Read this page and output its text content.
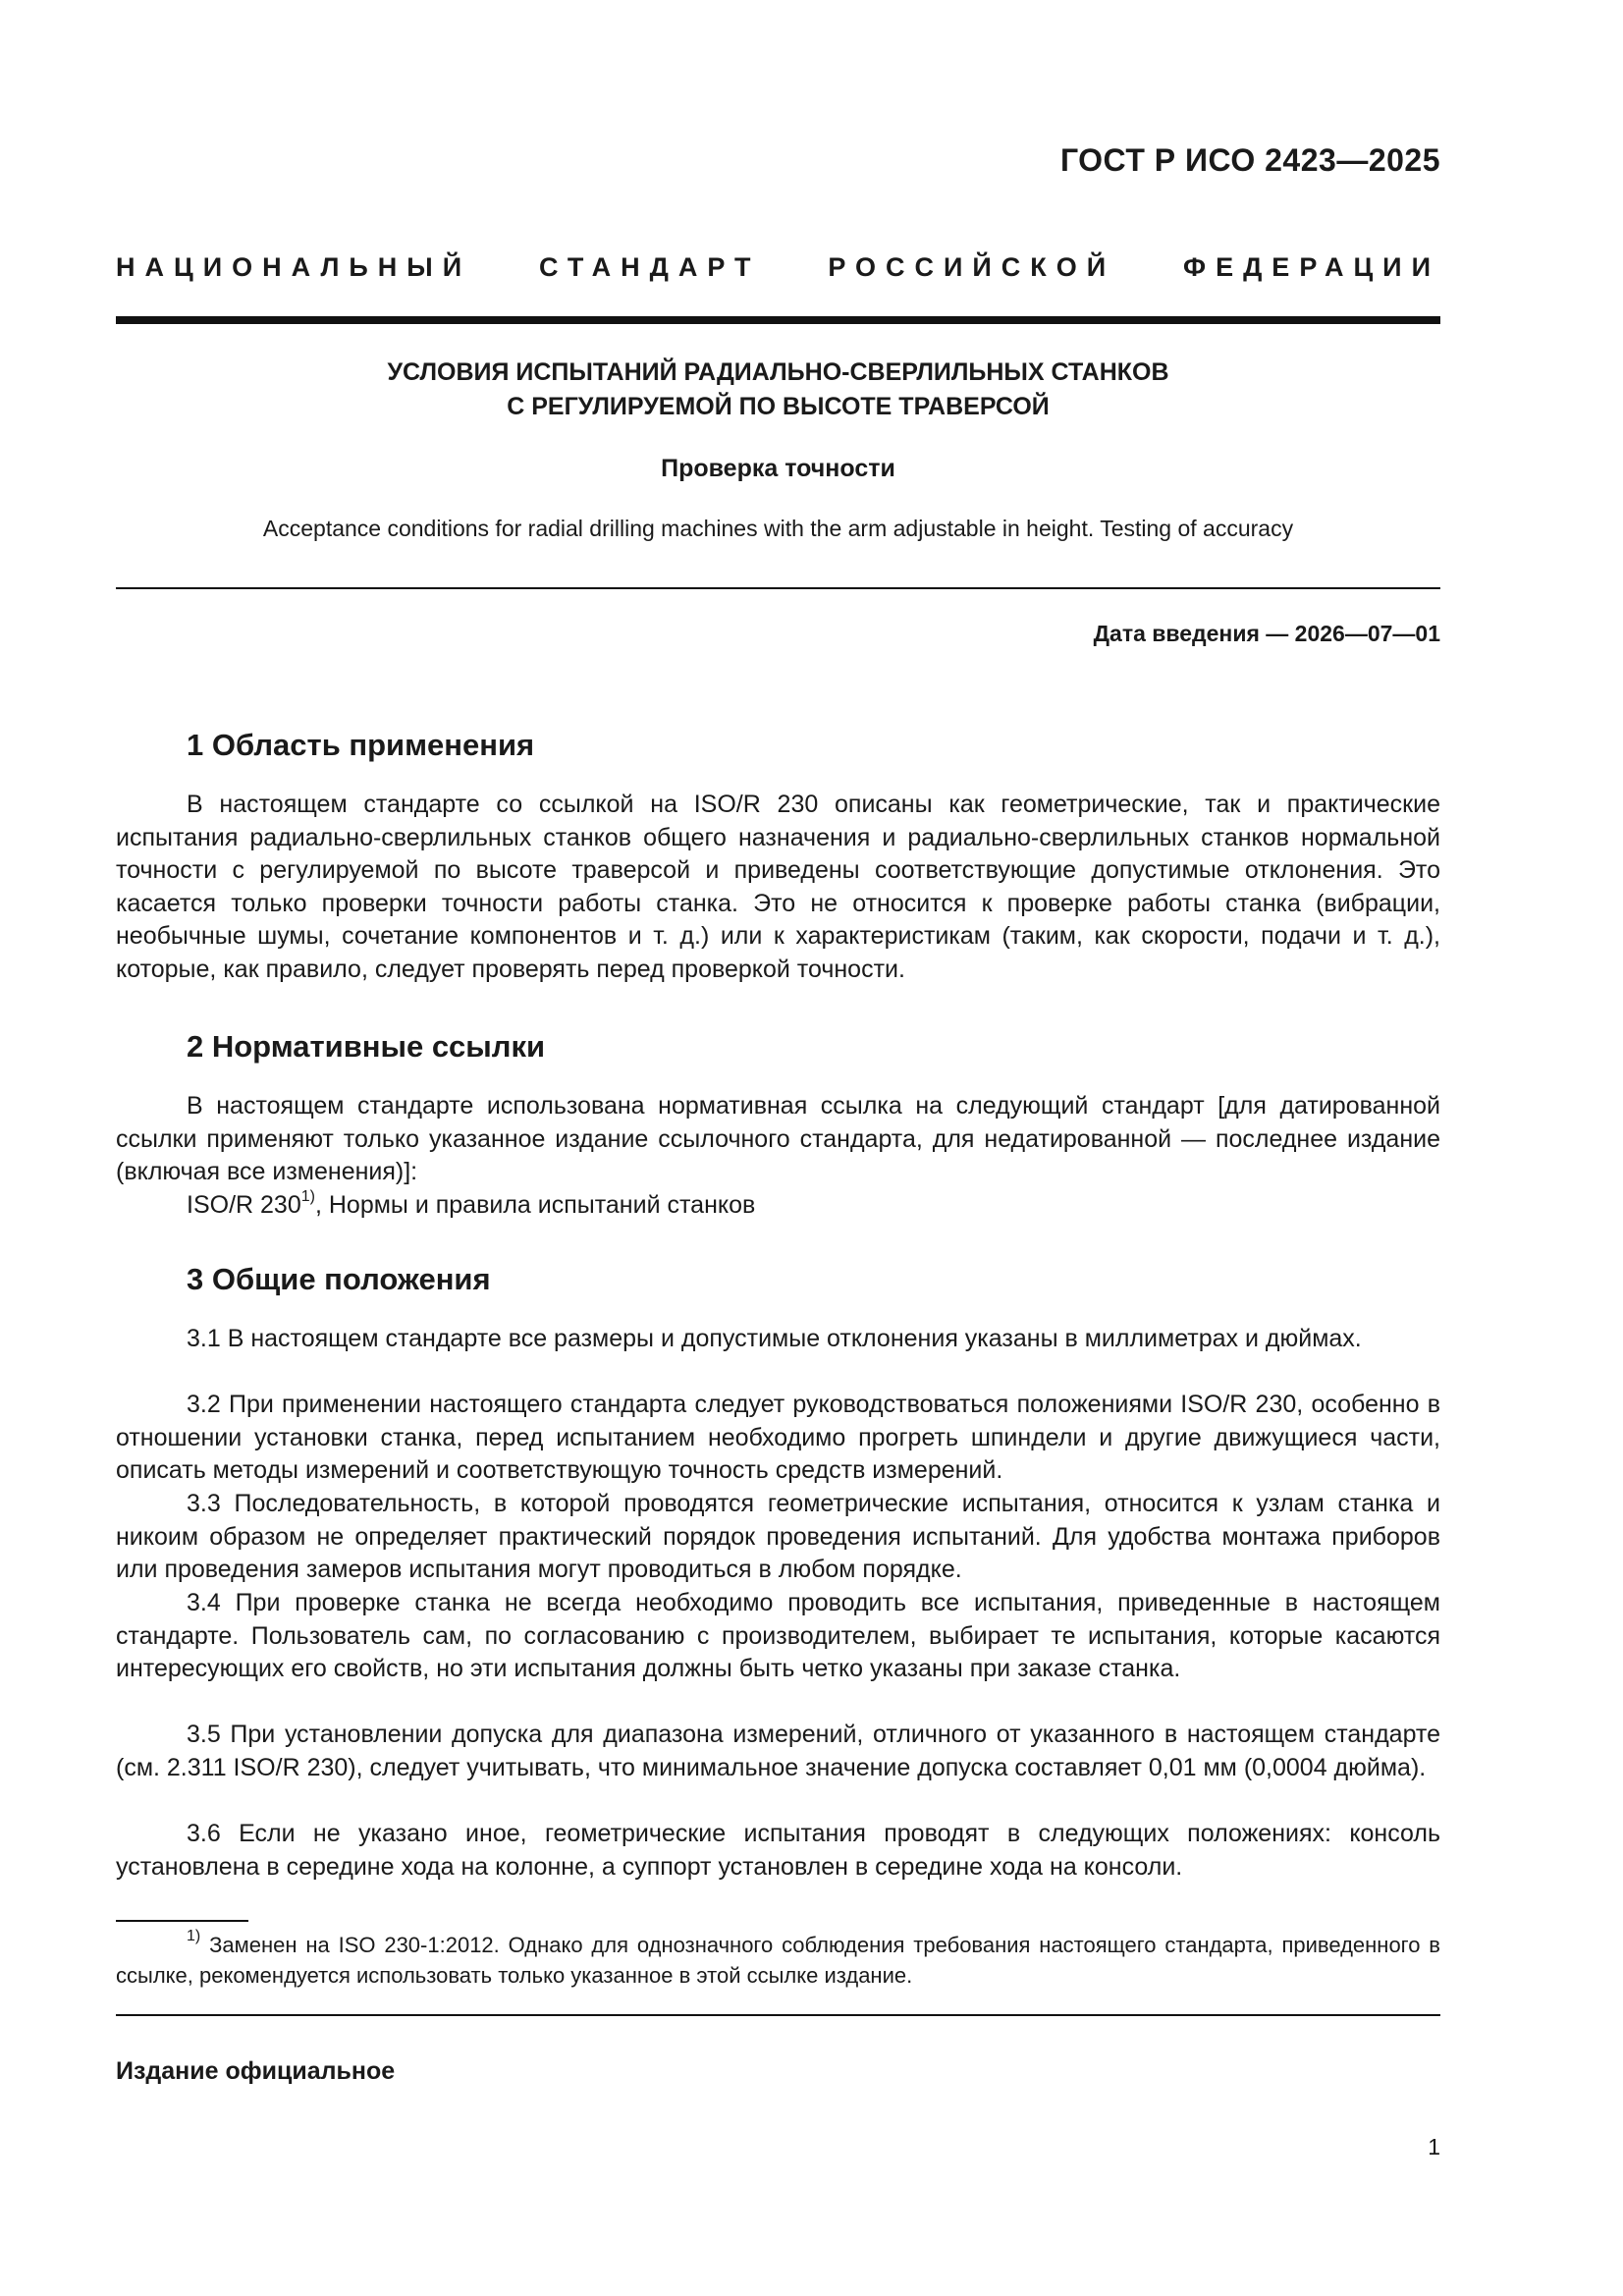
ГОСТ Р ИСО 2423—2025
НАЦИОНАЛЬНЫЙ СТАНДАРТ РОССИЙСКОЙ ФЕДЕРАЦИИ
УСЛОВИЯ ИСПЫТАНИЙ РАДИАЛЬНО-СВЕРЛИЛЬНЫХ СТАНКОВ
С РЕГУЛИРУЕМОЙ ПО ВЫСОТЕ ТРАВЕРСОЙ
Проверка точности
Acceptance conditions for radial drilling machines with the arm adjustable in height. Testing of accuracy
Дата введения — 2026—07—01
1 Область применения

В настоящем стандарте со ссылкой на ISO/R 230 описаны как геометрические, так и практические испытания радиально-сверлильных станков общего назначения и радиально-сверлильных станков нормальной точности с регулируемой по высоте траверсой и приведены соответствующие допустимые отклонения. Это касается только проверки точности работы станка. Это не относится к проверке работы станка (вибрации, необычные шумы, сочетание компонентов и т. д.) или к характеристикам (таким, как скорости, подачи и т. д.), которые, как правило, следует проверять перед проверкой точности.

2 Нормативные ссылки

В настоящем стандарте использована нормативная ссылка на следующий стандарт [для датированной ссылки применяют только указанное издание ссылочного стандарта, для недатированной — последнее издание (включая все изменения)]:

ISO/R 230$^{1)}$, Нормы и правила испытаний станков

3 Общие положения

3.1 В настоящем стандарте все размеры и допустимые отклонения указаны в миллиметрах и дюймах.

3.2 При применении настоящего стандарта следует руководствоваться положениями ISO/R 230, особенно в отношении установки станка, перед испытанием необходимо прогреть шпиндели и другие движущиеся части, описать методы измерений и соответствующую точность средств измерений.

3.3 Последовательность, в которой проводятся геометрические испытания, относится к узлам станка и никоим образом не определяет практический порядок проведения испытаний. Для удобства монтажа приборов или проведения замеров испытания могут проводиться в любом порядке.

3.4 При проверке станка не всегда необходимо проводить все испытания, приведенные в настоящем стандарте. Пользователь сам, по согласованию с производителем, выбирает те испытания, которые касаются интересующих его свойств, но эти испытания должны быть четко указаны при заказе станка.

3.5 При установлении допуска для диапазона измерений, отличного от указанного в настоящем стандарте (см. 2.311 ISO/R 230), следует учитывать, что минимальное значение допуска составляет 0,01 мм (0,0004 дюйма).

3.6 Если не указано иное, геометрические испытания проводят в следующих положениях: консоль установлена в середине хода на колонне, а суппорт установлен в середине хода на консоли.

$^{1)}$ Заменен на ISO 230-1:2012. Однако для однозначного соблюдения требования настоящего стандарта, приведенного в ссылке, рекомендуется использовать только указанное в этой ссылке издание.

Издание официальное
1
